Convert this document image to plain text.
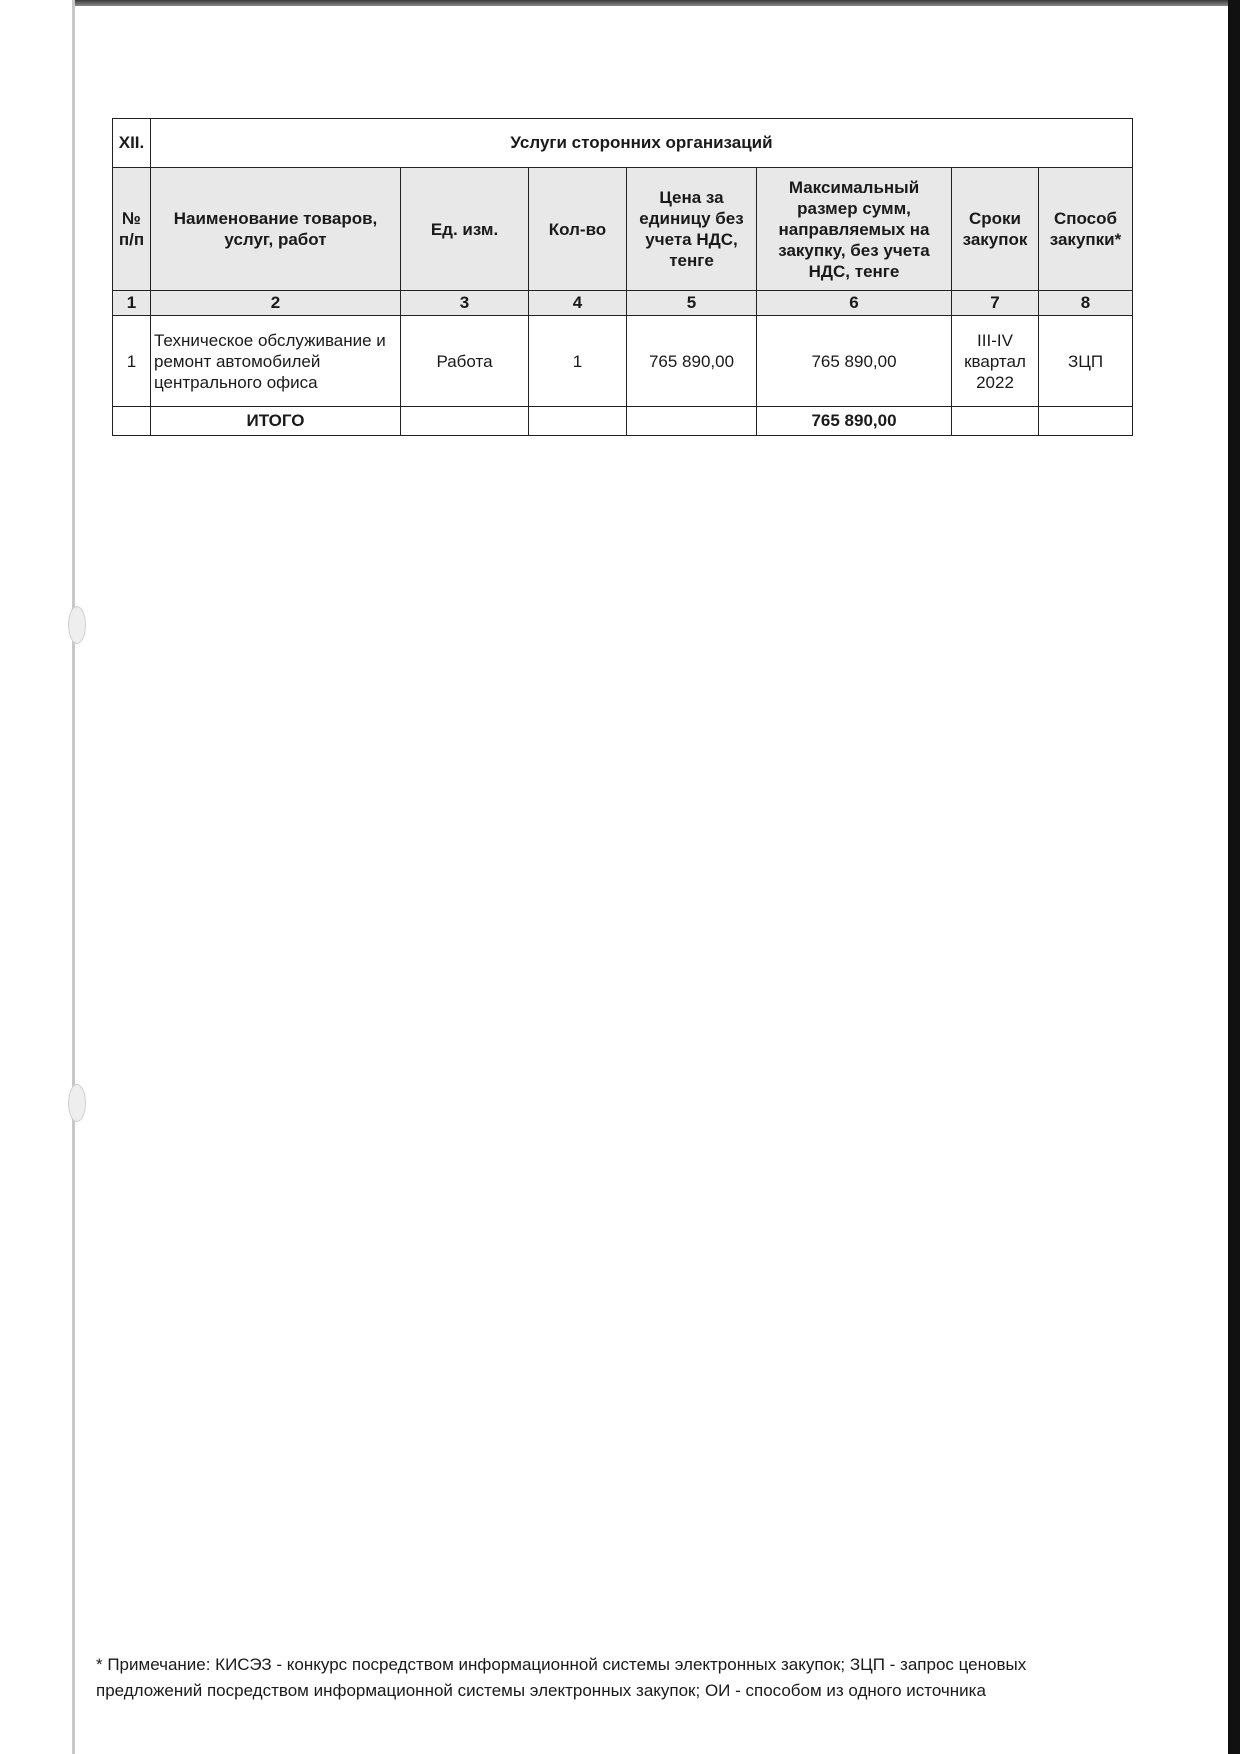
XII.	Услуги сторонних организаций						
№ п/п	Наименование товаров, услуг, работ	Ед. изм.	Кол-во	Цена за единицу без учета НДС, тенге	Максимальный размер сумм, направляемых на закупку, без учета НДС, тенге	Сроки закупок	Способ закупки*
1	2	3	4	5	6	7	8
1	Техническое обслуживание и ремонт автомобилей центрального офиса	Работа	1	765 890,00	765 890,00	III-IV квартал 2022	ЗЦП
	ИТОГО				765 890,00		
* Примечание: КИСЭЗ - конкурс посредством информационной системы электронных закупок; ЗЦП - запрос ценовых предложений посредством информационной системы электронных закупок; ОИ - способом из одного источника
